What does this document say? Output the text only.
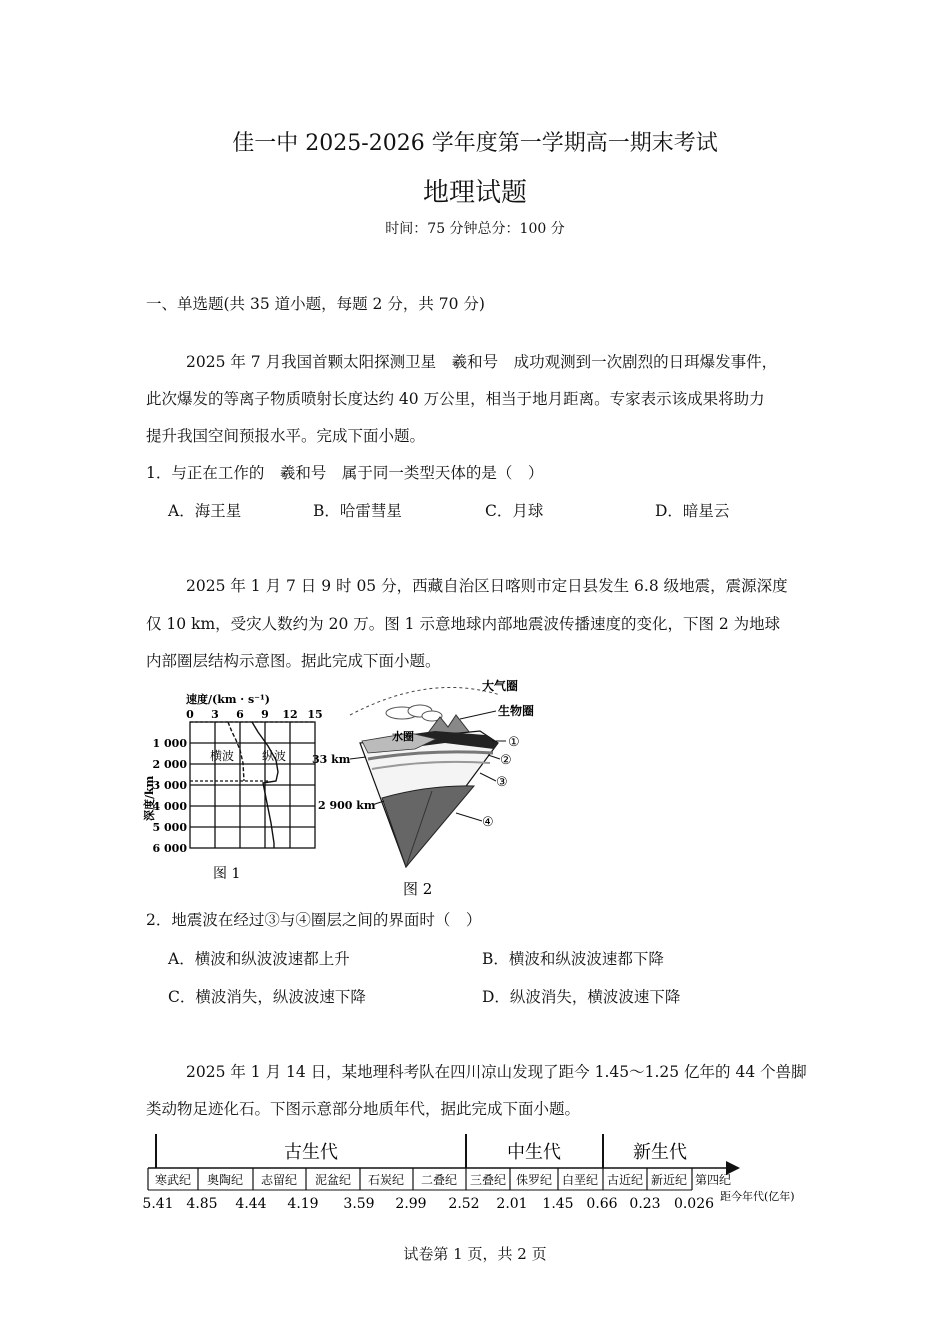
佳一中 2025-2026 学年度第一学期高一期末考试
地理试题
时间：75 分钟总分：100 分
一、单选题(共 35 道小题，每题 2 分，共 70 分)
2025 年 7 月我国首颗太阳探测卫星　羲和号　成功观测到一次剧烈的日珥爆发事件，
此次爆发的等离子物质喷射长度达约 40 万公里，相当于地月距离。专家表示该成果将助力
提升我国空间预报水平。完成下面小题。
1．与正在工作的　羲和号　属于同一类型天体的是（　）
A．海王星	B．哈雷彗星	C．月球	D．暗星云
2025 年 1 月 7 日 9 时 05 分，西藏自治区日喀则市定日县发生 6.8 级地震，震源深度
仅 10 km，受灾人数约为 20 万。图 1 示意地球内部地震波传播速度的变化，下图 2 为地球
内部圈层结构示意图。据此完成下面小题。
速度/(km · s⁻¹)
0 3 6 9 12 15
横波 纵波
1 000
2 000
3 000
4 000
5 000
6 000
深度/km
图 1
大气圈
生物圈
水圈
33 km
2 900 km
①
②
③
④
图 2
2．地震波在经过③与④圈层之间的界面时（　）
A．横波和纵波波速都上升	B．横波和纵波波速都下降
C．横波消失，纵波波速下降	D．纵波消失，横波波速下降
2025 年 1 月 14 日，某地理科考队在四川凉山发现了距今 1.45～1.25 亿年的 44 个兽脚
类动物足迹化石。下图示意部分地质年代，据此完成下面小题。
古生代	中生代	新生代
寒武纪 奥陶纪 志留纪 泥盆纪 石炭纪 二叠纪 三叠纪 侏罗纪 白垩纪 古近纪 新近纪 第四纪
5.41 4.85 4.44 4.19 3.59 2.99 2.52 2.01 1.45 0.66 0.23 0.026 距今年代(亿年)
试卷第 1 页，共 2 页
